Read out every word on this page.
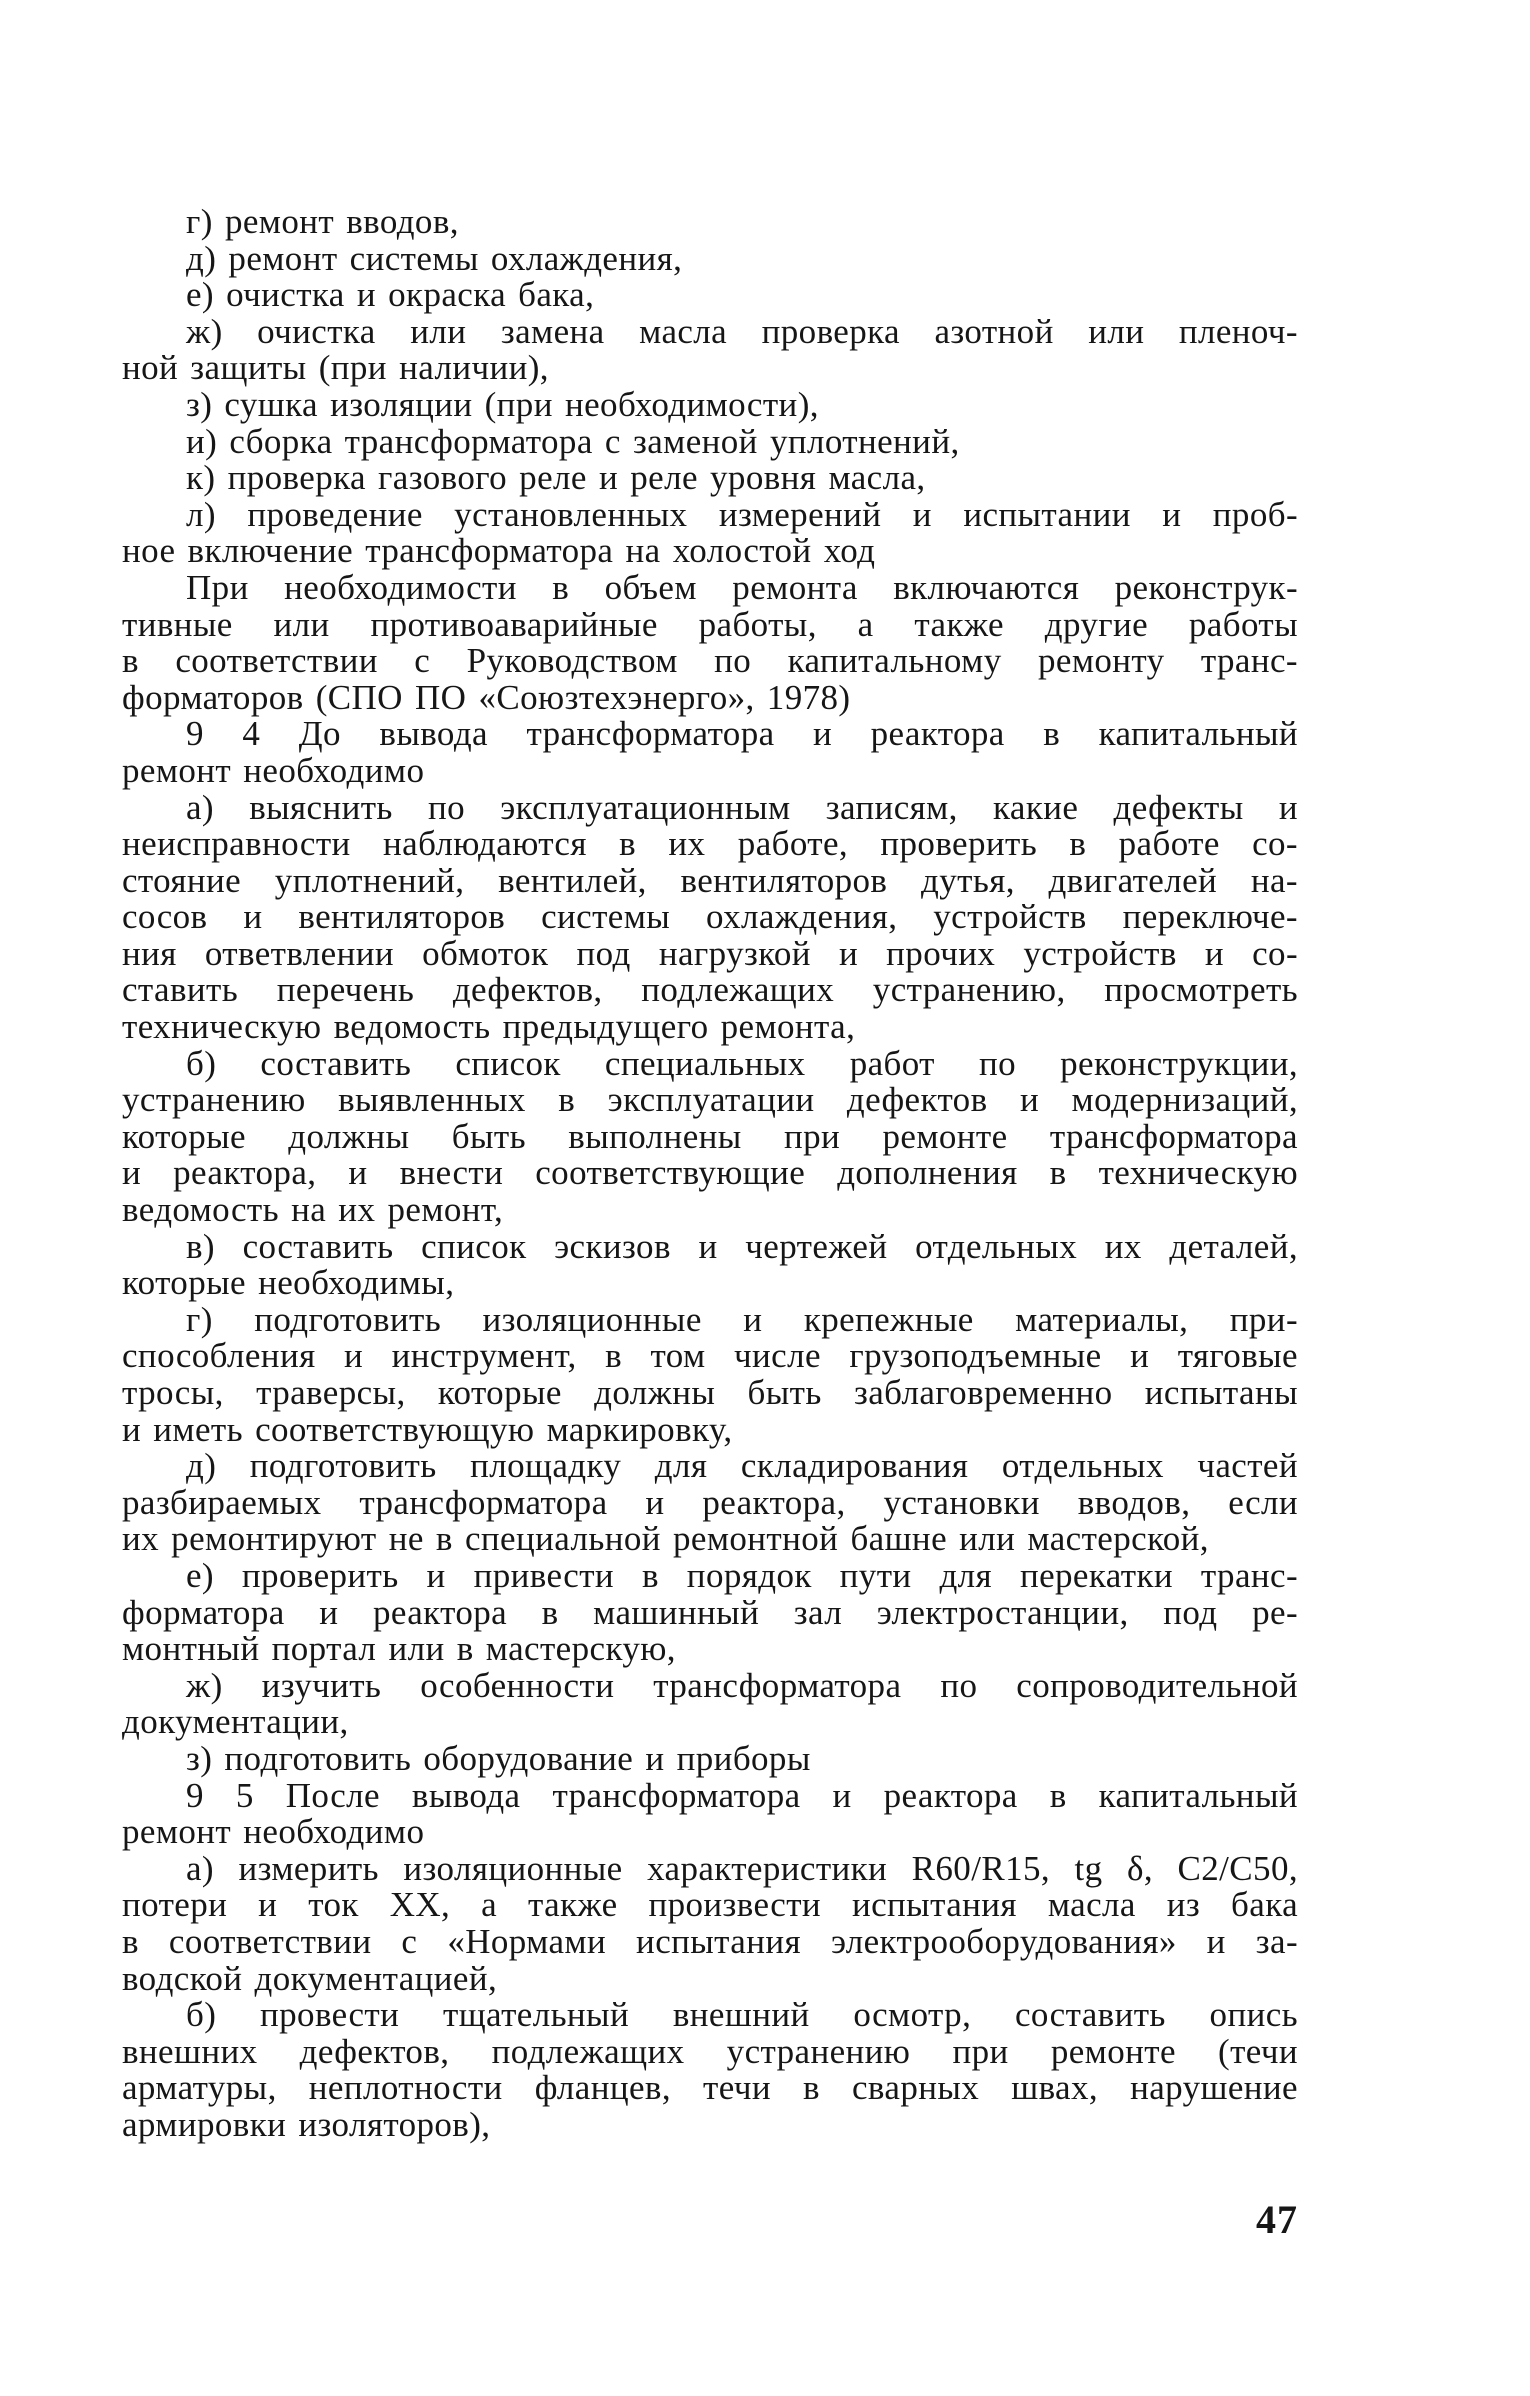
г) ремонт вводов,
д) ремонт системы охлаждения,
е) очистка и окраска бака,
ж) очистка или замена масла проверка азотной или пленоч-
ной защиты (при наличии),
з) сушка изоляции (при необходимости),
и) сборка трансформатора с заменой уплотнений,
к) проверка газового реле и реле уровня масла,
л) проведение установленных измерений и испытании и проб-
ное включение трансформатора на холостой ход
При необходимости в объем ремонта включаются реконструк-
тивные или противоаварийные работы, а также другие работы
в соответствии с Руководством по капитальному ремонту транс-
форматоров (СПО ПО «Союзтехэнерго», 1978)
9 4 До вывода трансформатора и реактора в капитальный
ремонт необходимо
а) выяснить по эксплуатационным записям, какие дефекты и
неисправности наблюдаются в их работе, проверить в работе со-
стояние уплотнений, вентилей, вентиляторов дутья, двигателей на-
сосов и вентиляторов системы охлаждения, устройств переключе-
ния ответвлении обмоток под нагрузкой и прочих устройств и со-
ставить перечень дефектов, подлежащих устранению, просмотреть
техническую ведомость предыдущего ремонта,
б) составить список специальных работ по реконструкции,
устранению выявленных в эксплуатации дефектов и модернизаций,
которые должны быть выполнены при ремонте трансформатора
и реактора, и внести соответствующие дополнения в техническую
ведомость на их ремонт,
в) составить список эскизов и чертежей отдельных их деталей,
которые необходимы,
г) подготовить изоляционные и крепежные материалы, при-
способления и инструмент, в том числе грузоподъемные и тяговые
тросы, траверсы, которые должны быть заблаговременно испытаны
и иметь соответствующую маркировку,
д) подготовить площадку для складирования отдельных частей
разбираемых трансформатора и реактора, установки вводов, если
их ремонтируют не в специальной ремонтной башне или мастерской,
е) проверить и привести в порядок пути для перекатки транс-
форматора и реактора в машинный зал электростанции, под ре-
монтный портал или в мастерскую,
ж) изучить особенности трансформатора по сопроводительной
документации,
з) подготовить оборудование и приборы
9 5 После вывода трансформатора и реактора в капитальный
ремонт необходимо
а) измерить изоляционные характеристики R60/R15, tg δ, C2/C50,
потери и ток XX, а также произвести испытания масла из бака
в соответствии с «Нормами испытания электрооборудования» и за-
водской документацией,
б) провести тщательный внешний осмотр, составить опись
внешних дефектов, подлежащих устранению при ремонте (течи
арматуры, неплотности фланцев, течи в сварных швах, нарушение
армировки изоляторов),
47
